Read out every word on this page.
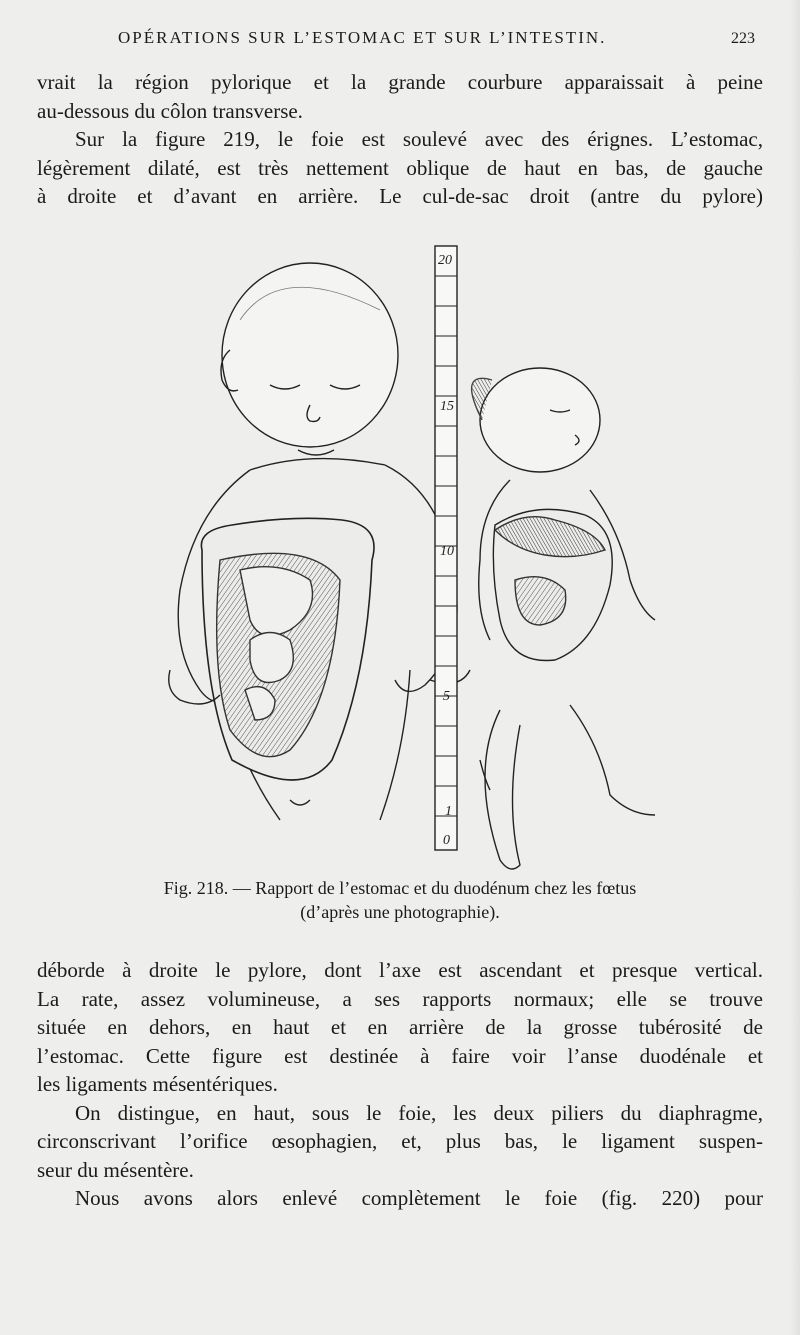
OPÉRATIONS SUR L’ESTOMAC ET SUR L’INTESTIN.	223
vrait la région pylorique et la grande courbure apparaissait à peine
au-dessous du côlon transverse.
Sur la figure 219, le foie est soulevé avec des érignes. L’estomac,
légèrement dilaté, est très nettement oblique de haut en bas, de gauche
à droite et d’avant en arrière. Le cul-de-sac droit (antre du pylore)
20
15
10
5
1
0
Fig. 218. — Rapport de l’estomac et du duodénum chez les fœtus
(d’après une photographie).
déborde à droite le pylore, dont l’axe est ascendant et presque vertical.
La rate, assez volumineuse, a ses rapports normaux; elle se trouve
située en dehors, en haut et en arrière de la grosse tubérosité de
l’estomac. Cette figure est destinée à faire voir l’anse duodénale et
les ligaments mésentériques.
On distingue, en haut, sous le foie, les deux piliers du diaphragme,
circonscrivant l’orifice œsophagien, et, plus bas, le ligament suspen-
seur du mésentère.
Nous avons alors enlevé complètement le foie (fig. 220) pour
